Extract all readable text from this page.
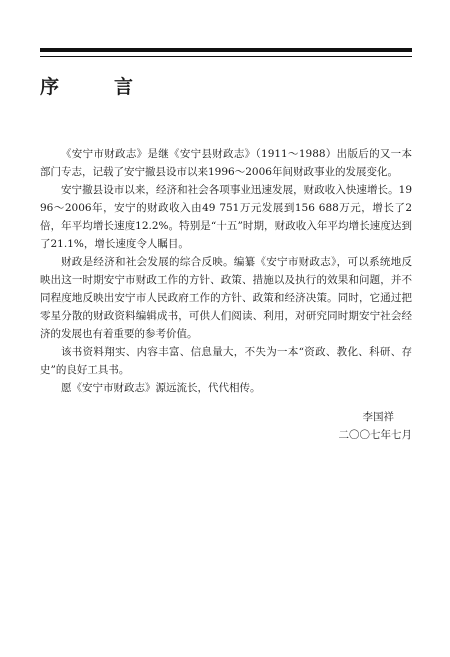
序　言

《安宁市财政志》是继《安宁县财政志》（1911～1988）出版后的又一本部门专志，记载了安宁撤县设市以来1996～2006年间财政事业的发展变化。

安宁撤县设市以来，经济和社会各项事业迅速发展，财政收入快速增长。1996～2006年，安宁的财政收入由49 751万元发展到156 688万元，增长了2倍，年平均增长速度12.2%。特别是“十五”时期，财政收入年平均增长速度达到了21.1%，增长速度令人瞩目。

财政是经济和社会发展的综合反映。编纂《安宁市财政志》，可以系统地反映出这一时期安宁市财政工作的方针、政策、措施以及执行的效果和问题，并不同程度地反映出安宁市人民政府工作的方针、政策和经济决策。同时，它通过把零星分散的财政资料编辑成书，可供人们阅读、利用，对研究同时期安宁社会经济的发展也有着重要的参考价值。

该书资料翔实、内容丰富、信息量大，不失为一本“资政、教化、科研、存史”的良好工具书。

愿《安宁市财政志》源远流长，代代相传。

李国祥
二〇〇七年七月
